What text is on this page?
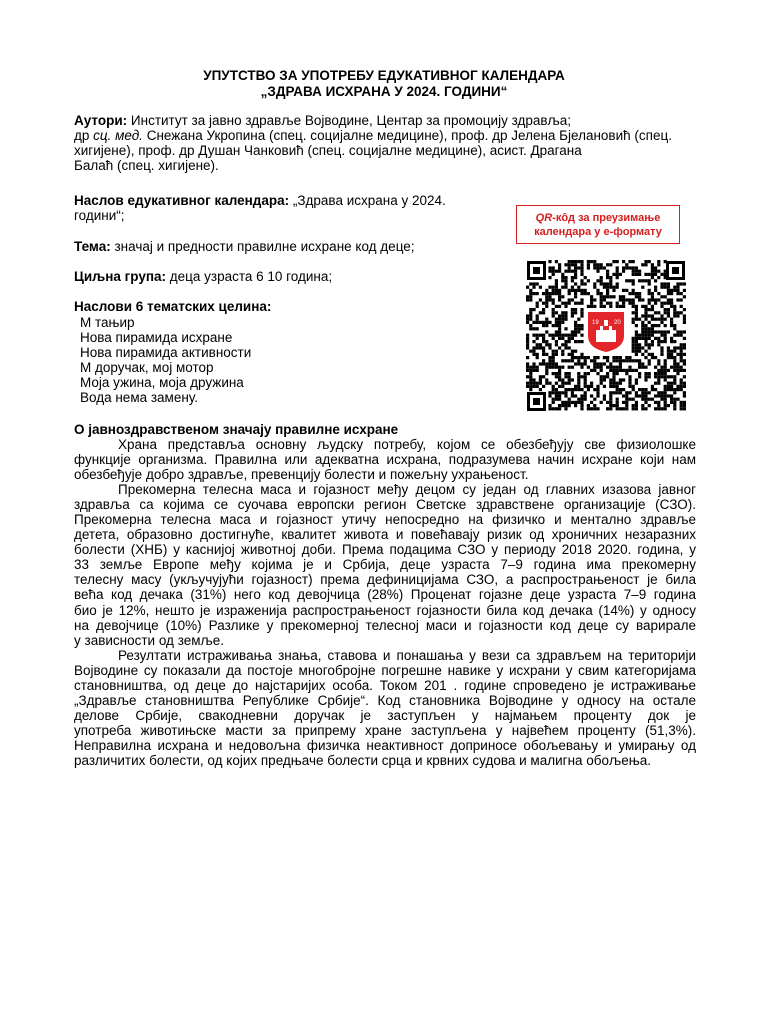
УПУТСТВО ЗА УПОТРЕБУ ЕДУКАТИВНОГ КАЛЕНДАРА
„ЗДРАВА ИСХРАНА У 2024. ГОДИНИ“
Аутори: Институт за јавно здравље Војводине, Центар за промоцију здравља;
др сц. мед. Снежана Укропина (спец. социјалне медицине), проф. др Јелена Бјелановић (спец.
хигијене), проф. др Душан Чанковић (спец. социјалне медицине), асист. Драгана
Балаћ (спец. хигијене).
Наслов едукативног календара: „Здрава исхрана у 2024. години“;
Тема: значај и предности правилне исхране код деце;
Циљна група: деца узраста 6 10 година;
Наслови 6 тематских целина:
М тањир
Нова пирамида исхране
Нова пирамида активности
М доручак, мој мотор
Моја ужина, моја дружина
Вода нема замену.
QR-кôд за преузимање
календара у е-формату
19	20
О јавноздравственом значају правилне исхране
Храна представља основну људску потребу, којом се обезбеђују све физиолошке
функције организма. Правилна или адекватна исхрана, подразумева начин исхране који нам
обезбеђује добро здравље, превенцију болести и пожељну ухрањеност.
Прекомерна телесна маса и гојазност међу децом су један од главних изазова јавног
здравља са којима се суочава европски регион Светске здравствене организације (СЗО).
Прекомерна телесна маса и гојазност утичу непосредно на физичко и ментално здравље
детета, образовно достигнуће, квалитет живота и повећавају ризик од хроничних незаразних
болести (ХНБ) у каснијој животној доби. Према подацима СЗО у периоду 2018 2020. година, у
33 земље Европе међу којима је и Србија, деце узраста 7–9 година има прекомерну
телесну масу (укључујући гојазност) према дефиницијама СЗО, а распрострањеност је била
већа код дечака (31%) него код девојчица (28%) Проценат гојазне деце узраста 7–9 година
био је 12%, нешто је израженија распрострањеност гојазности била код дечака (14%) у односу
на девојчице (10%) Разлике у прекомерној телесној маси и гојазности код деце су варирале
у зависности од земље.
Резултати истраживања знања, ставова и понашања у вези са здрављем на територији
Војводине су показали да постоје многобројне погрешне навике у исхрани у свим категоријама
становништва, од деце до најстаријих особа. Током 201 . године спроведено је истраживање
„Здравље становништва Републике Србије“. Код становника Војводине у односу на остале
делове Србије, свакодневни доручак је заступљен у најмањем проценту док је
употреба животињске масти за припрему хране заступљена у највећем проценту (51,3%).
Неправилна исхрана и недовољна физичка неактивност доприносе обољевању и умирању од
различитих болести, од којих предњаче болести срца и крвних судова и малигна обољења.
